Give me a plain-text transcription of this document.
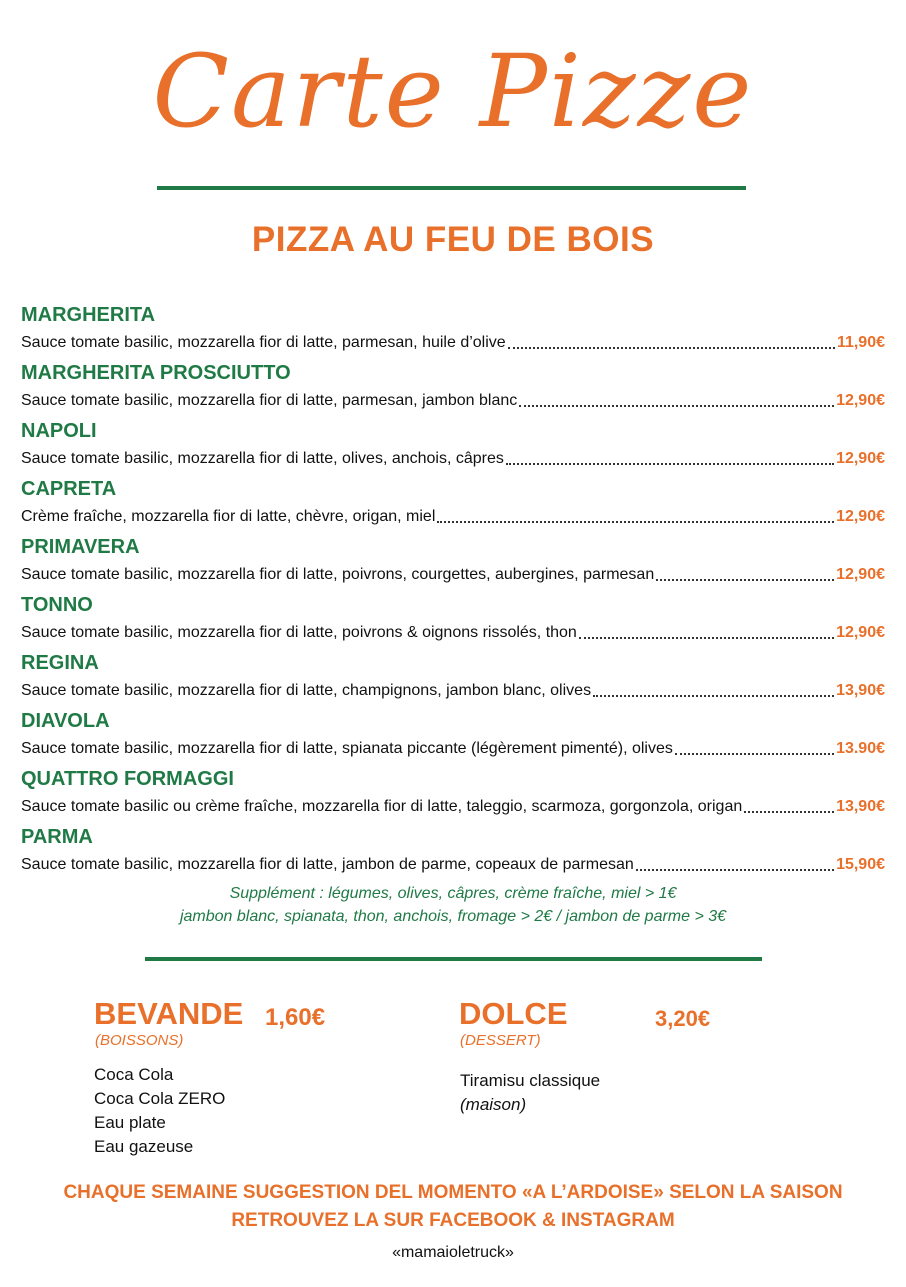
Carte Pizze
PIZZA AU FEU DE BOIS
MARGHERITA
Sauce tomate basilic, mozzarella fior di latte, parmesan, huile d’olive	11,90€
MARGHERITA PROSCIUTTO
Sauce tomate basilic, mozzarella fior di latte, parmesan, jambon blanc	12,90€
NAPOLI
Sauce tomate basilic, mozzarella fior di latte, olives, anchois, câpres	12,90€
CAPRETA
Crème fraîche, mozzarella fior di latte, chèvre, origan, miel	12,90€
PRIMAVERA
Sauce tomate basilic, mozzarella fior di latte, poivrons, courgettes, aubergines, parmesan	12,90€
TONNO
Sauce tomate basilic, mozzarella fior di latte, poivrons & oignons rissolés, thon	12,90€
REGINA
Sauce tomate basilic, mozzarella fior di latte, champignons, jambon blanc, olives	13,90€
DIAVOLA
Sauce tomate basilic, mozzarella fior di latte, spianata piccante (légèrement pimenté), olives	13.90€
QUATTRO FORMAGGI
Sauce tomate basilic ou crème fraîche, mozzarella fior di latte, taleggio, scarmoza, gorgonzola, origan	13,90€
PARMA
Sauce tomate basilic, mozzarella fior di latte, jambon de parme, copeaux de parmesan	15,90€
Supplément : légumes, olives, câpres, crème fraîche, miel > 1€
jambon blanc, spianata, thon, anchois, fromage > 2€ / jambon de parme > 3€
BEVANDE 1,60€
(BOISSONS)
Coca Cola
Coca Cola ZERO
Eau plate
Eau gazeuse
DOLCE	3,20€
(DESSERT)
Tiramisu classique
(maison)
CHAQUE SEMAINE SUGGESTION DEL MOMENTO «A L’ARDOISE» SELON LA SAISON
RETROUVEZ LA SUR FACEBOOK & INSTAGRAM
«mamaioletruck»
